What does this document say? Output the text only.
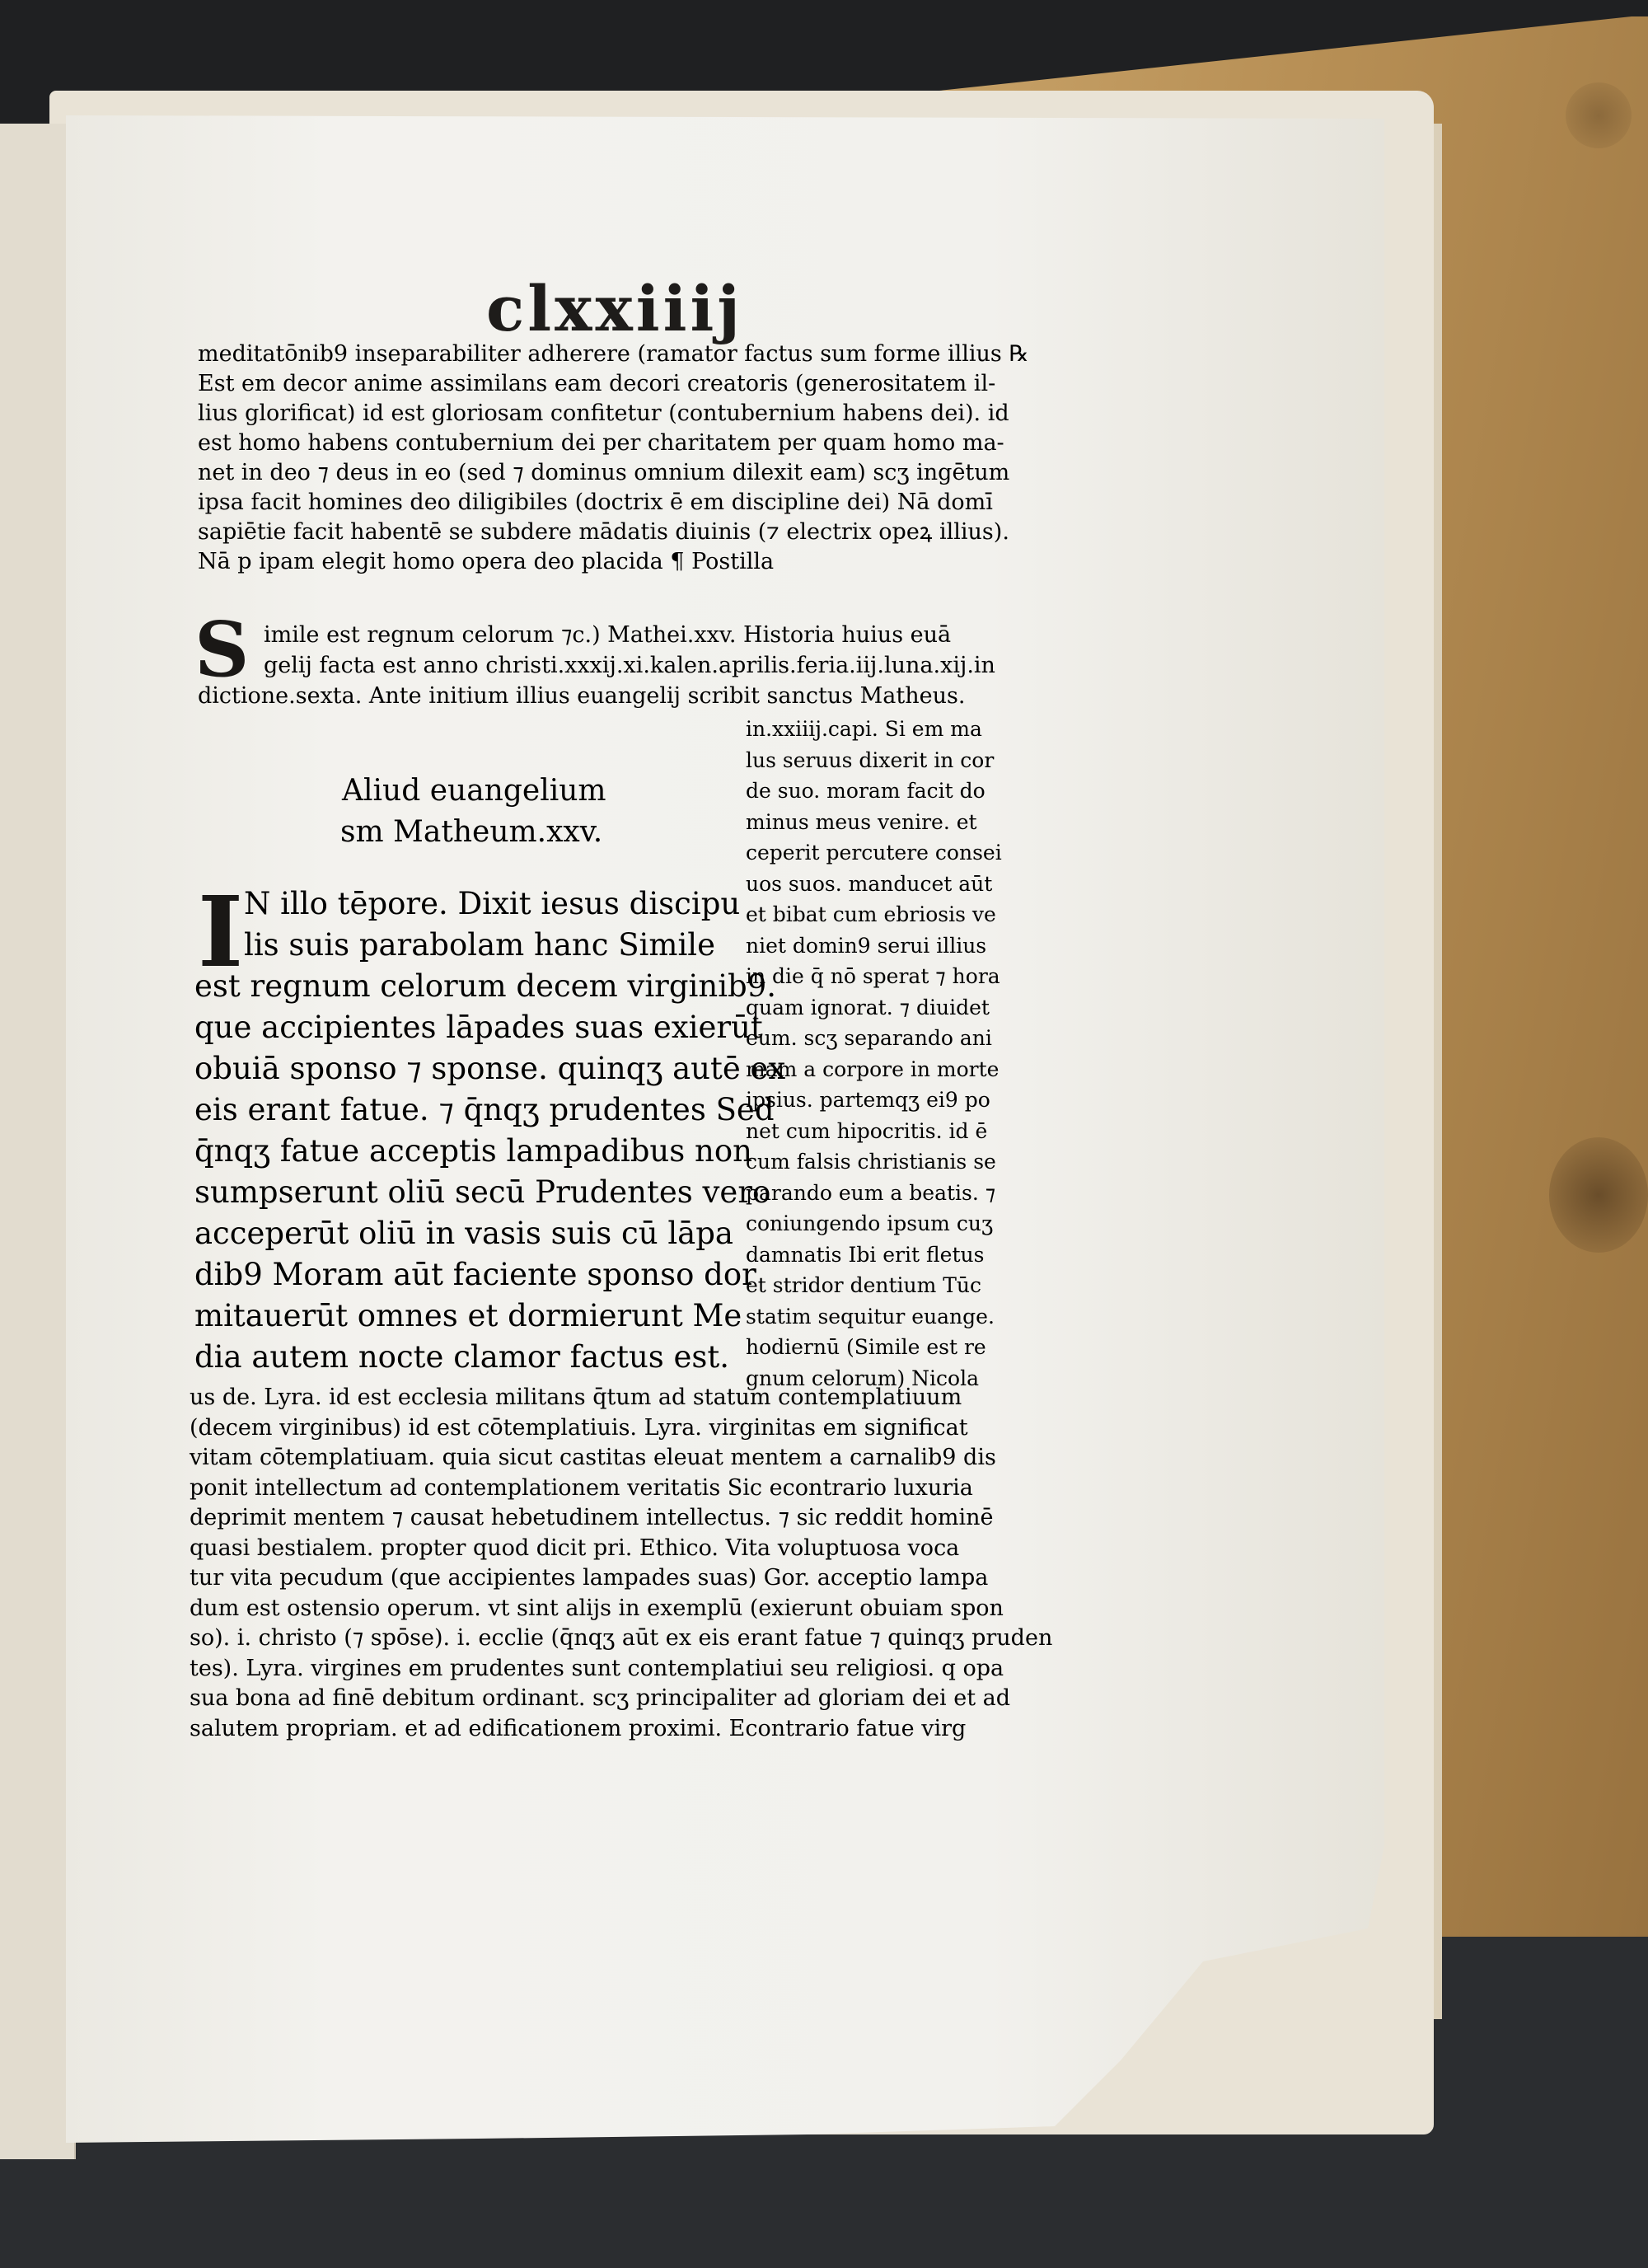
clxxiiij
meditatōnib9 inseparabiliter adherere (ramator factus sum forme illius ℞
Est em decor anime assimilans eam decori creatoris (generositatem il-
lius glorificat) id est gloriosam confitetur (contubernium habens dei). id
est homo habens contubernium dei per charitatem per quam homo ma-
net in deo ⁊ deus in eo (sed ⁊ dominus omnium dilexit eam) scʒ ingētum
ipsa facit homines deo diligibiles (doctrix ē em discipline dei) Nā domī
sapiētie facit habentē se subdere mādatis diuinis (⁊ electrix opeꝝ illius).
Nā p ipam elegit homo opera deo placida ¶ Postilla
S imile est regnum celorum ⁊c.) Mathei.xxv. Historia huius euā
gelij facta est anno christi.xxxij.xi.kalen.aprilis.feria.iij.luna.xij.in
dictione.sexta. Ante initium illius euangelij scribit sanctus Matheus.
in.xxiiij.capi. Si em ma
lus seruus dixerit in cor
de suo. moram facit do
minus meus venire. et
ceperit percutere consei
uos suos. manducet aūt
et bibat cum ebriosis ve
niet domin9 serui illius
in die q̄ nō sperat ⁊ hora
quam ignorat. ⁊ diuidet
eum. scʒ separando ani
mam a corpore in morte
ipsius. partemqʒ ei9 po
net cum hipocritis. id ē
cum falsis christianis se
parando eum a beatis. ⁊
coniungendo ipsum cuʒ
damnatis Ibi erit fletus
et stridor dentium Tūc
statim sequitur euange.
hodiernū (Simile est re
gnum celorum) Nicola
Aliud euangelium
sm Matheum.xxv.
I N illo tēpore. Dixit iesus discipu
lis suis parabolam hanc Simile
est regnum celorum decem virginib9.
que accipientes lāpades suas exierūt
obuiā sponso ⁊ sponse. quinqʒ autē ex
eis erant fatue. ⁊ q̄nqʒ prudentes Sed
q̄nqʒ fatue acceptis lampadibus non
sumpserunt oliū secū Prudentes vero
acceperūt oliū in vasis suis cū lāpa
dib9 Moram aūt faciente sponso dor
mitauerūt omnes et dormierunt Me
dia autem nocte clamor factus est.
us de. Lyra. id est ecclesia militans q̄tum ad statum contemplatiuum
(decem virginibus) id est cōtemplatiuis. Lyra. virginitas em significat
vitam cōtemplatiuam. quia sicut castitas eleuat mentem a carnalib9 dis
ponit intellectum ad contemplationem veritatis Sic econtrario luxuria
deprimit mentem ⁊ causat hebetudinem intellectus. ⁊ sic reddit hominē
quasi bestialem. propter quod dicit pri. Ethico. Vita voluptuosa voca
tur vita pecudum (que accipientes lampades suas) Gor. acceptio lampa
dum est ostensio operum. vt sint alijs in exemplū (exierunt obuiam spon
so). i. christo (⁊ spōse). i. ecclie (q̄nqʒ aūt ex eis erant fatue ⁊ quinqʒ pruden
tes). Lyra. virgines em prudentes sunt contemplatiui seu religiosi. q opa
sua bona ad finē debitum ordinant. scʒ principaliter ad gloriam dei et ad
salutem propriam. et ad edificationem proximi. Econtrario fatue virg
